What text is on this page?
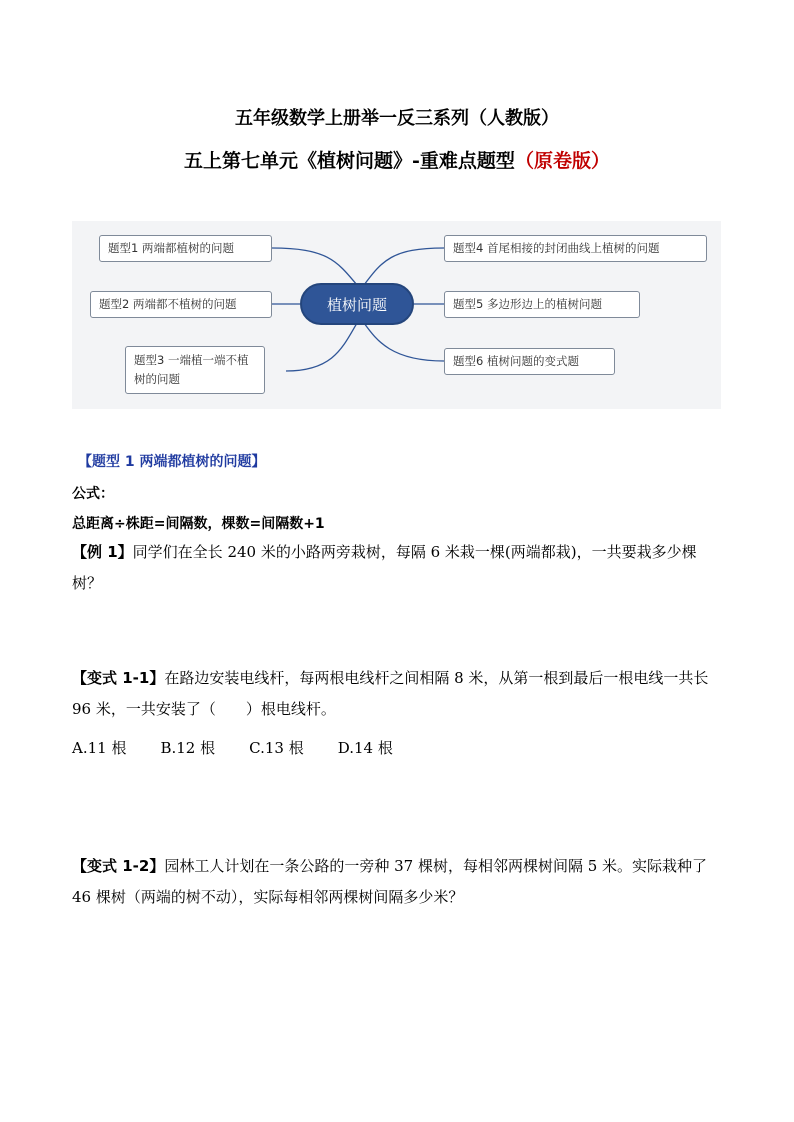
五年级数学上册举一反三系列（人教版）
五上第七单元《植树问题》-重难点题型（原卷版）
植树问题
题型1 两端都植树的问题
题型2 两端都不植树的问题
题型3 一端植一端不植树的问题
题型4 首尾相接的封闭曲线上植树的问题
题型5 多边形边上的植树问题
题型6 植树问题的变式题
【题型 1 两端都植树的问题】
公式：
总距离÷株距=间隔数，棵数=间隔数+1
【例 1】同学们在全长 240 米的小路两旁栽树，每隔 6 米栽一棵(两端都栽)，一共要栽多少棵树？
【变式 1-1】在路边安装电线杆，每两根电线杆之间相隔 8 米，从第一根到最后一根电线一共长 96 米，一共安装了（　　）根电线杆。
A.11 根 B.12 根 C.13 根 D.14 根
【变式 1-2】园林工人计划在一条公路的一旁种 37 棵树，每相邻两棵树间隔 5 米。实际栽种了 46 棵树（两端的树不动），实际每相邻两棵树间隔多少米？
